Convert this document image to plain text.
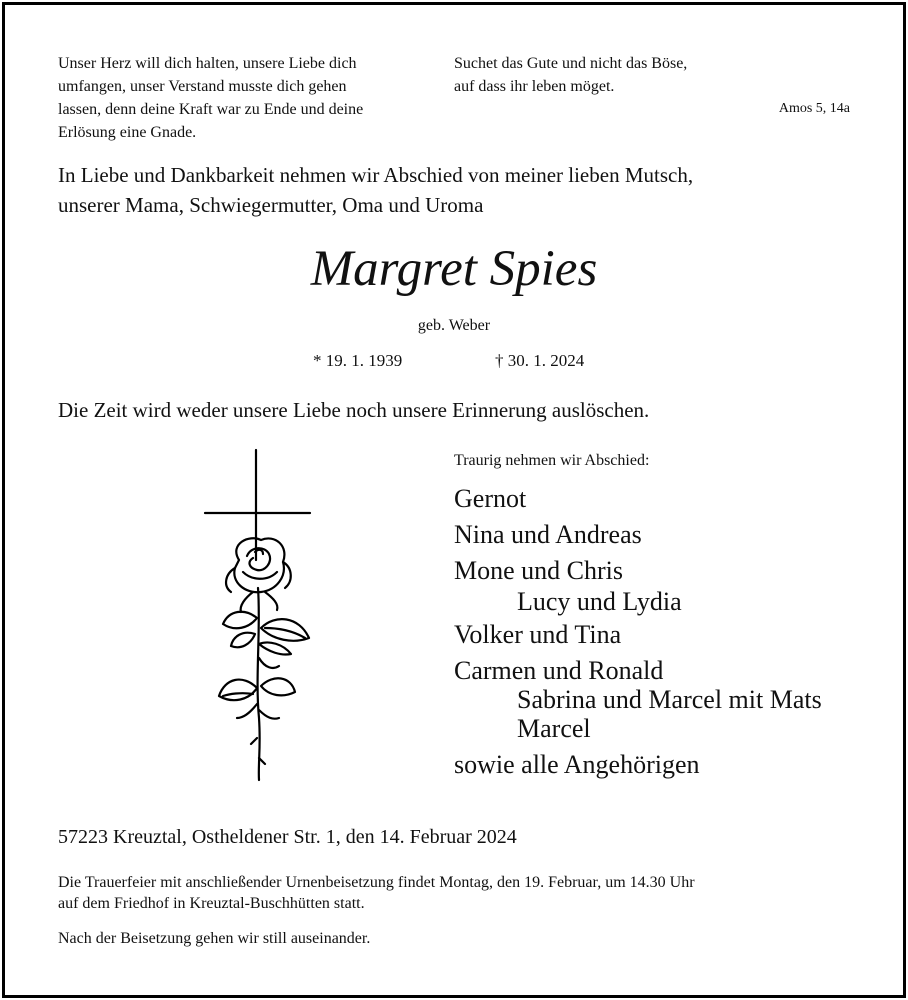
Unser Herz will dich halten, unsere Liebe dich
umfangen, unser Verstand musste dich gehen
lassen, denn deine Kraft war zu Ende und deine
Erlösung eine Gnade.
Suchet das Gute und nicht das Böse,
auf dass ihr leben möget.
Amos 5, 14a
In Liebe und Dankbarkeit nehmen wir Abschied von meiner lieben Mutsch,
unserer Mama, Schwiegermutter, Oma und Uroma
Margret Spies
geb. Weber
* 19. 1. 1939	† 30. 1. 2024
Die Zeit wird weder unsere Liebe noch unsere Erinnerung auslöschen.
Traurig nehmen wir Abschied:
Gernot
Nina und Andreas
Mone und Chris
Lucy und Lydia
Volker und Tina
Carmen und Ronald
Sabrina und Marcel mit Mats
Marcel
sowie alle Angehörigen
57223 Kreuztal, Ostheldener Str. 1, den 14. Februar 2024
Die Trauerfeier mit anschließender Urnenbeisetzung findet Montag, den 19. Februar, um 14.30 Uhr
auf dem Friedhof in Kreuztal-Buschhütten statt.
Nach der Beisetzung gehen wir still auseinander.
